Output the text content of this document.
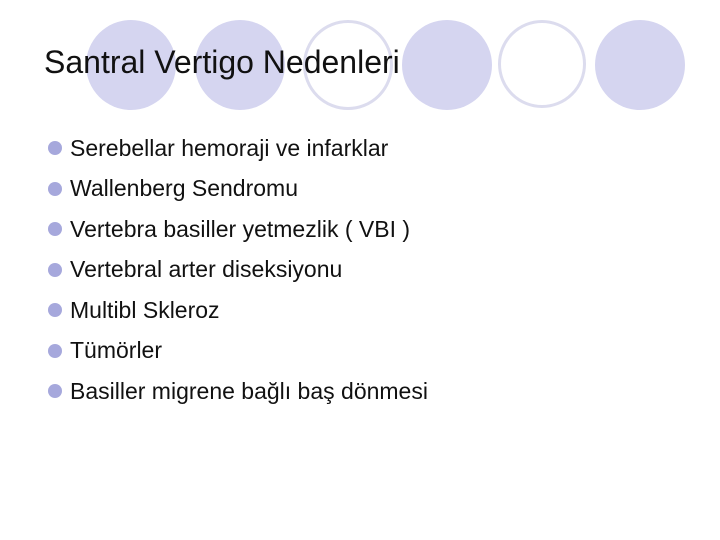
Santral Vertigo Nedenleri
Serebellar hemoraji ve infarklar
Wallenberg Sendromu
Vertebra basiller yetmezlik ( VBI )
Vertebral arter diseksiyonu
Multibl Skleroz
Tümörler
Basiller migrene bağlı baş dönmesi
